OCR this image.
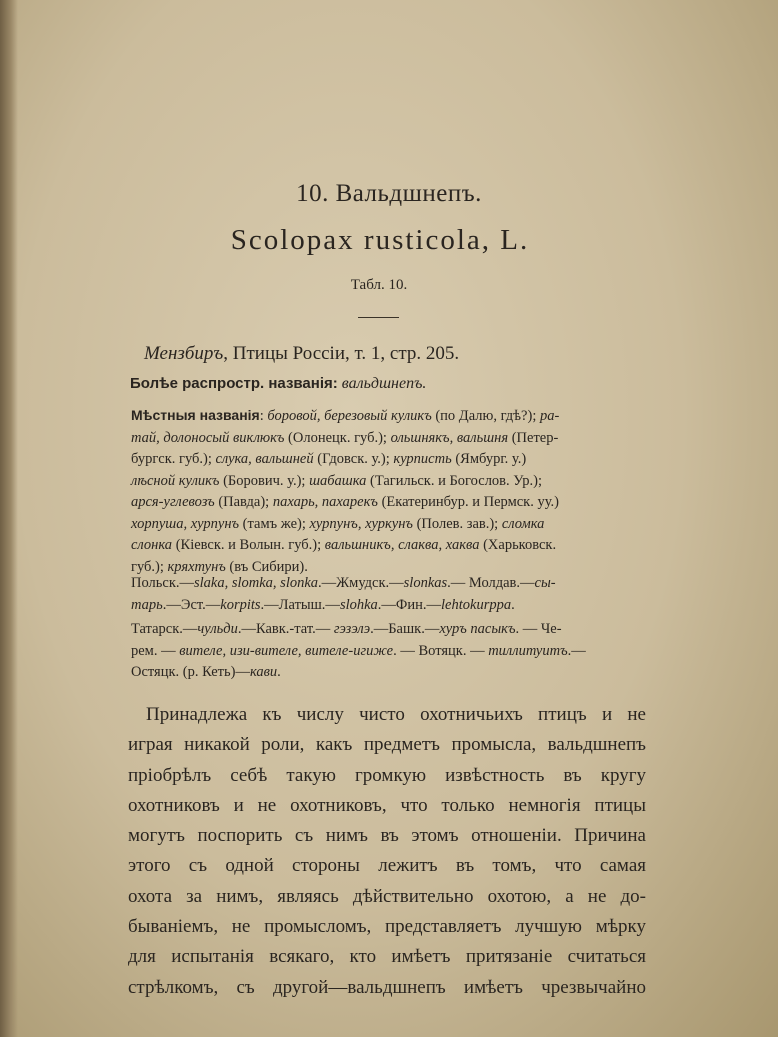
10. Вальдшнепъ.
Scolopax rusticola, L.
Табл. 10.
Мензбиръ, Птицы Россіи, т. 1, стр. 205.
Болѣе распростр. названія: вальдшнепъ.

Мѣстныя названія: боровой, березовый куликъ (по Далю, гдѣ?); ра-

тай, долоносый виклюкъ (Олонецк. губ.); ольшнякъ, вальшня (Петер-

бургск. губ.); слука, вальшней (Гдовск. у.); курписть (Ямбург. у.)

лѣсной куликъ (Борович. у.); шабашка (Тагильск. и Богослов. Ур.);

арся-углевозъ (Павда); пахарь, пахарекъ (Екатеринбур. и Пермск. уу.)

хорпуша, хурпунъ (тамъ же); хурпунъ, хуркунъ (Полев. зав.); сломка

слонка (Кіевск. и Волын. губ.); вальшникъ, слаква, хаква (Харьковск.

губ.); кряхтунъ (въ Сибири).

Польск.—slaka, slomka, slonka.—Жмудск.—slonkas.— Молдав.—сы-

тарь.—Эст.—korpits.—Латыш.—slohka.—Фин.—lehtokurppa.

Татарск.—чульди.—Кавк.-тат.— гэзэлэ.—Башк.—хуръ пасыкъ. — Че-

рем. — вителе, изи-вителе, вителе-игиже. — Вотяцк. — тиллитуитъ.—

Остяцк. (р. Кеть)—кави.

Принадлежа къ числу чисто охотничьихъ птицъ и не
играя никакой роли, какъ предметъ промысла, вальдшнепъ
пріобрѣлъ себѣ такую громкую извѣстность въ кругу
охотниковъ и не охотниковъ, что только немногія птицы
могутъ поспорить съ нимъ въ этомъ отношеніи. Причина
этого съ одной стороны лежитъ въ томъ, что самая
охота за нимъ, являясь дѣйствительно охотою, а не до-
быванiемъ, не промысломъ, представляетъ лучшую мѣрку
для испытанія всякаго, кто имѣетъ притязаніе считаться
стрѣлкомъ, съ другой—вальдшнепъ имѣетъ чрезвычайно
